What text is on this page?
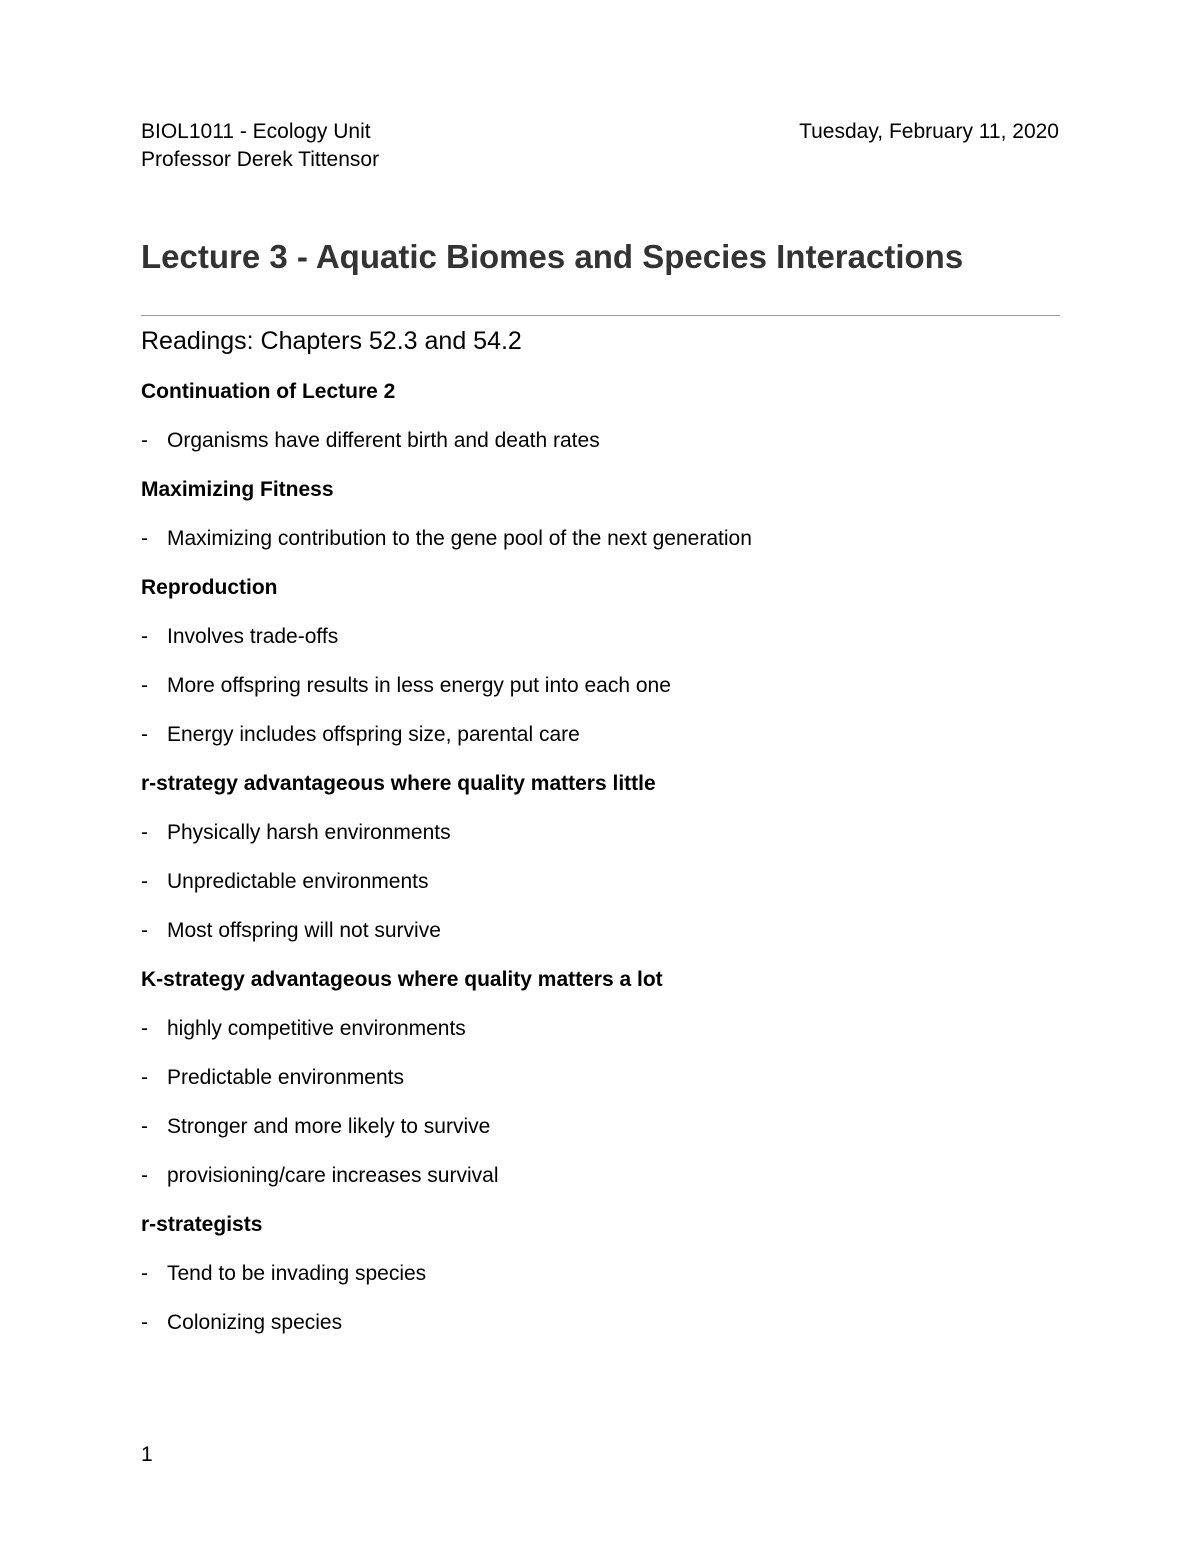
BIOL1011 - Ecology Unit
Professor Derek Tittensor
Tuesday, February 11, 2020
Lecture 3 - Aquatic Biomes and Species Interactions
Readings: Chapters 52.3 and 54.2
Continuation of Lecture 2
- Organisms have different birth and death rates
Maximizing Fitness
- Maximizing contribution to the gene pool of the next generation
Reproduction
- Involves trade-offs
- More offspring results in less energy put into each one
- Energy includes offspring size, parental care
r-strategy advantageous where quality matters little
- Physically harsh environments
- Unpredictable environments
- Most offspring will not survive
K-strategy advantageous where quality matters a lot
- highly competitive environments
- Predictable environments
- Stronger and more likely to survive
- provisioning/care increases survival
r-strategists
- Tend to be invading species
- Colonizing species
1
